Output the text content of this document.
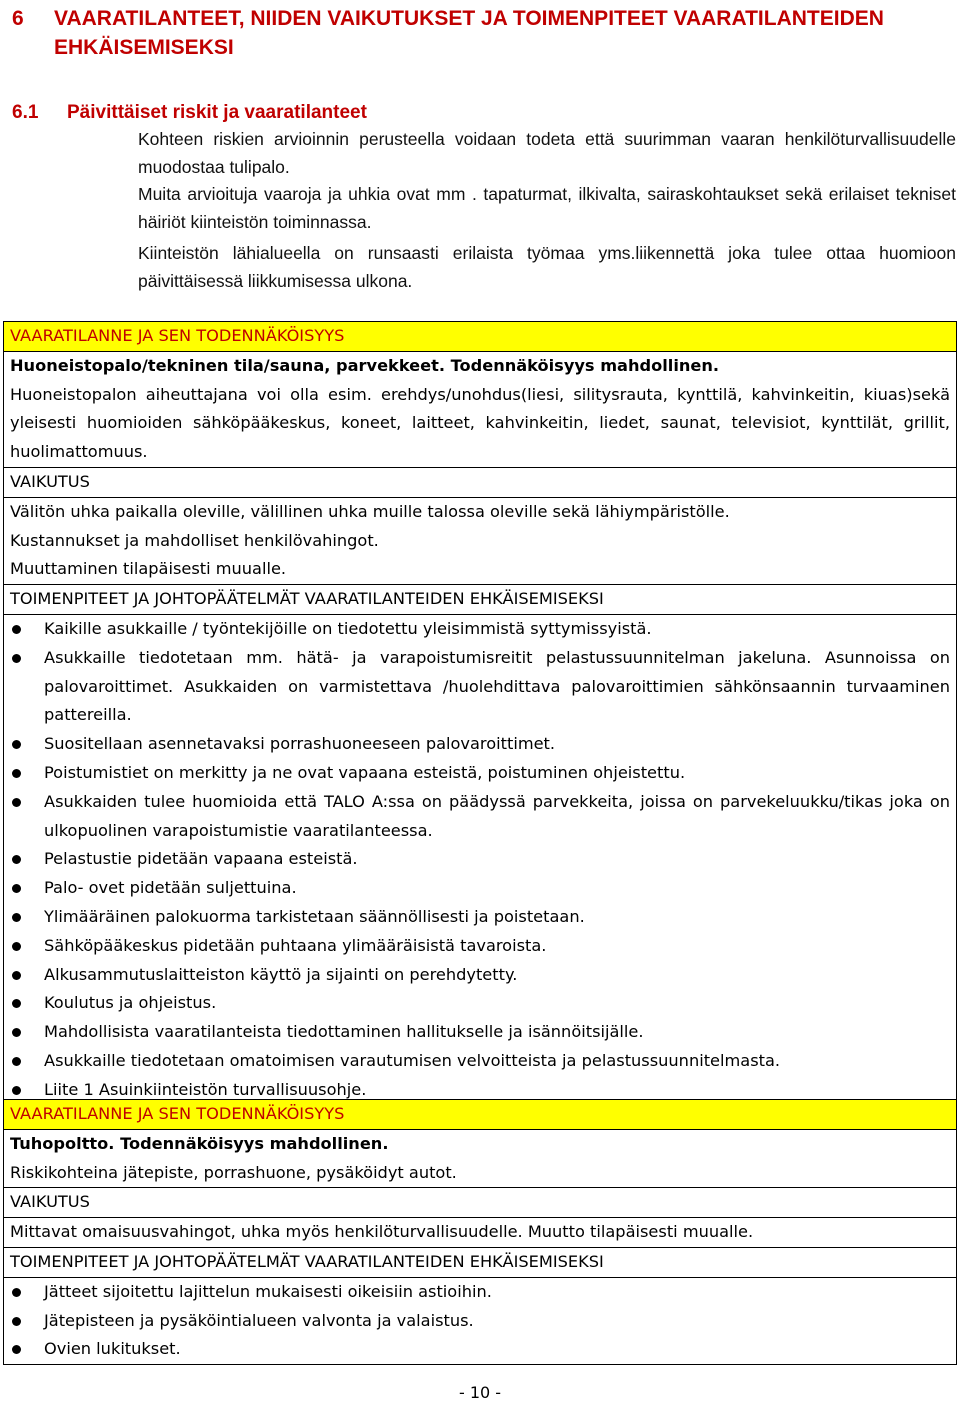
6 VAARATILANTEET, NIIDEN VAIKUTUKSET JA TOIMENPITEET VAARATILANTEIDEN
EHKÄISEMISEKSI
6.1 Päivittäiset riskit ja vaaratilanteet

Kohteen riskien arvioinnin perusteella voidaan todeta että suurimman vaaran henkilöturvallisuudelle muodostaa tulipalo.

Muita arvioituja vaaroja ja uhkia ovat mm . tapaturmat, ilkivalta, sairaskohtaukset sekä erilaiset tekniset häiriöt kiinteistön toiminnassa.

Kiinteistön lähialueella on runsaasti erilaista työmaa yms.liikennettä joka tulee ottaa huomioon päivittäisessä liikkumisessa ulkona.

VAARATILANNE JA SEN TODENNÄKÖISYYS
Huoneistopalo/tekninen tila/sauna, parvekkeet. Todennäköisyys mahdollinen.
Huoneistopalon aiheuttajana voi olla esim. erehdys/unohdus(liesi, silitysrauta, kynttilä, kahvinkeitin, kiuas)sekä yleisesti huomioiden sähköpääkeskus, koneet, laitteet, kahvinkeitin, liedet, saunat, televisiot, kynttilät, grillit, huolimattomuus.
VAIKUTUS
Välitön uhka paikalla oleville, välillinen uhka muille talossa oleville sekä lähiympäristölle.
Kustannukset ja mahdolliset henkilövahingot.
Muuttaminen tilapäisesti muualle.
TOIMENPITEET JA JOHTOPÄÄTELMÄT VAARATILANTEIDEN EHKÄISEMISEKSI
Kaikille asukkaille / työntekijöille on tiedotettu yleisimmistä syttymissyistä.
Asukkaille tiedotetaan mm. hätä- ja varapoistumisreitit pelastussuunnitelman jakeluna. Asunnoissa on palovaroittimet. Asukkaiden on varmistettava /huolehdittava palovaroittimien sähkönsaannin turvaaminen pattereilla.
Suositellaan asennetavaksi porrashuoneeseen palovaroittimet.
Poistumistiet on merkitty ja ne ovat vapaana esteistä, poistuminen ohjeistettu.
Asukkaiden tulee huomioida että TALO A:ssa on päädyssä parvekkeita, joissa on parvekeluukku/tikas joka on ulkopuolinen varapoistumistie vaaratilanteessa.
Pelastustie pidetään vapaana esteistä.
Palo- ovet pidetään suljettuina.
Ylimääräinen palokuorma tarkistetaan säännöllisesti ja poistetaan.
Sähköpääkeskus pidetään puhtaana ylimääräisistä tavaroista.
Alkusammutuslaitteiston käyttö ja sijainti on perehdytetty.
Koulutus ja ohjeistus.
Mahdollisista vaaratilanteista tiedottaminen hallitukselle ja isännöitsijälle.
Asukkaille tiedotetaan omatoimisen varautumisen velvoitteista ja pelastussuunnitelmasta.
Liite 1 Asuinkiinteistön turvallisuusohje.
VAARATILANNE JA SEN TODENNÄKÖISYYS
Tuhopoltto. Todennäköisyys mahdollinen.
Riskikohteina jätepiste, porrashuone, pysäköidyt autot.
VAIKUTUS
Mittavat omaisuusvahingot, uhka myös henkilöturvallisuudelle. Muutto tilapäisesti muualle.
TOIMENPITEET JA JOHTOPÄÄTELMÄT VAARATILANTEIDEN EHKÄISEMISEKSI
Jätteet sijoitettu lajittelun mukaisesti oikeisiin astioihin.
Jätepisteen ja pysäköintialueen valvonta ja valaistus.
Ovien lukitukset.
- 10 -
